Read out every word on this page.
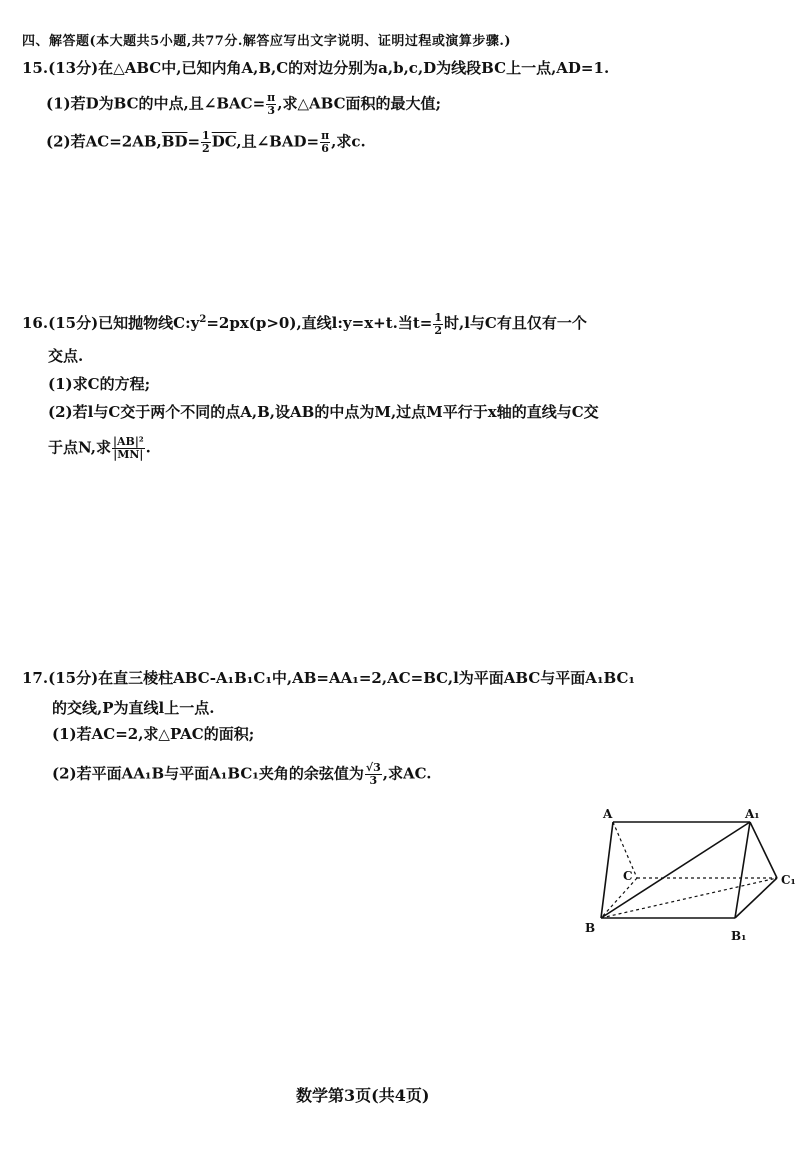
四、解答题(本大题共5小题,共77分.解答应写出文字说明、证明过程或演算步骤.)
15.(13分)在△ABC中,已知内角A,B,C的对边分别为a,b,c,D为线段BC上一点,AD=1.
(1)若D为BC的中点,且∠BAC= $\frac{\pi}{3}$ ,求△ABC面积的最大值;
(2)若$AC=2AB,\overline{BD}= \frac{1}{2} \overline{DC}$,且∠BAD= $\frac{\pi}{6}$ ,求c.
16.(15分)已知抛物线$C:y^2=2px(p>0)$,直线l:y=x+t.当$t= \frac{1}{2}$ 时,l与C有且仅有一个
交点.
(1)求C的方程;
(2)若l与C交于两个不同的点A,B,设AB的中点为M,过点M平行于x轴的直线与C交
于点N,求 $\frac{\text{|AB|²}}{|MN|}$ .
17.(15分)在直三棱柱ABC-A₁B₁C₁中,AB=AA₁=2,AC=BC,l为平面ABC与平面A₁BC₁
的交线,P为直线l上一点.
(1)若AC=2,求△PAC的面积;
(2)若平面AA₁B与平面A₁BC₁夹角的余弦值为 $\frac{√3}{3}$ ,求AC.
A	A₁
C	C₁
B
B₁
数学第3页(共4页)
